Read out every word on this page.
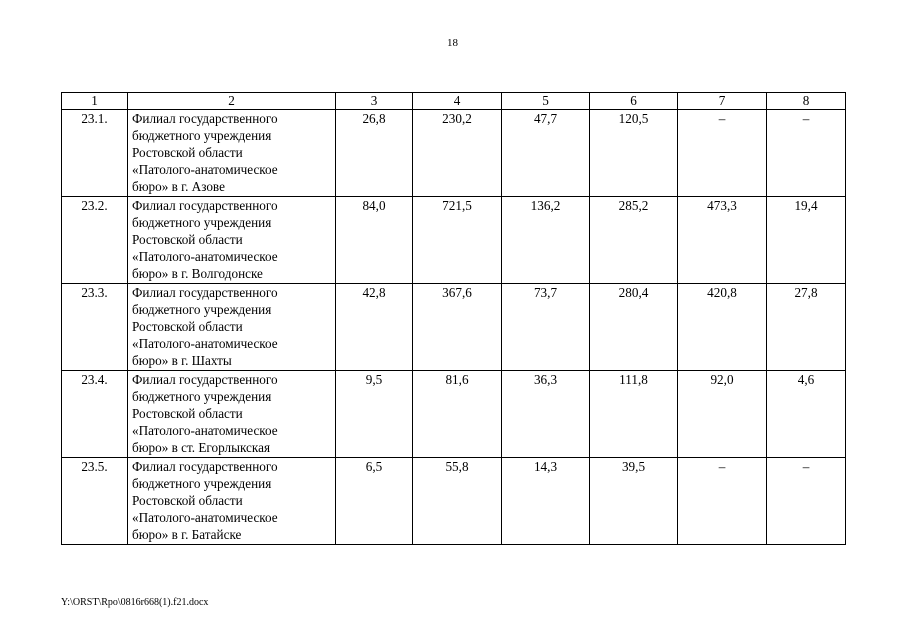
18
1	2	3	4	5	6	7	8
23.1.	Филиал государственного
бюджетного учреждения
Ростовской области
«Патолого-анатомическое
бюро» в г. Азове	26,8	230,2	47,7	120,5	–	–
23.2.	Филиал государственного
бюджетного учреждения
Ростовской области
«Патолого-анатомическое
бюро» в г. Волгодонске	84,0	721,5	136,2	285,2	473,3	19,4
23.3.	Филиал государственного
бюджетного учреждения
Ростовской области
«Патолого-анатомическое
бюро» в г. Шахты	42,8	367,6	73,7	280,4	420,8	27,8
23.4.	Филиал государственного
бюджетного учреждения
Ростовской области
«Патолого-анатомическое
бюро» в ст. Егорлыкская	9,5	81,6	36,3	111,8	92,0	4,6
23.5.	Филиал государственного
бюджетного учреждения
Ростовской области
«Патолого-анатомическое
бюро» в г. Батайске	6,5	55,8	14,3	39,5	–	–
Y:\ORST\Rpo\0816r668(1).f21.docx
